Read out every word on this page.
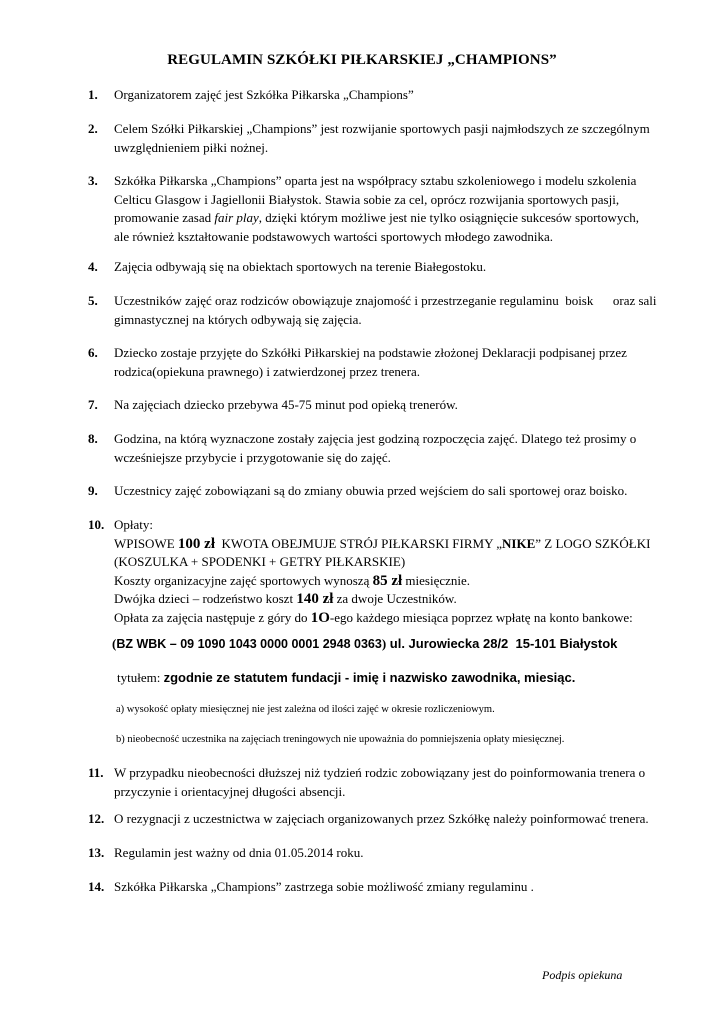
REGULAMIN SZKÓŁKI PIŁKARSKIEJ „CHAMPIONS”
1. Organizatorem zajęć jest Szkółka Piłkarska „Champions”
2. Celem Szółki Piłkarskiej „Champions” jest rozwijanie sportowych pasji najmłodszych ze szczególnym
uwzględnieniem piłki nożnej.
3. Szkółka Piłkarska „Champions” oparta jest na współpracy sztabu szkoleniowego i modelu szkolenia
Celticu Glasgow i Jagiellonii Białystok. Stawia sobie za cel, oprócz rozwijania sportowych pasji,
promowanie zasad fair play, dzięki którym możliwe jest nie tylko osiągnięcie sukcesów sportowych,
ale również kształtowanie podstawowych wartości sportowych młodego zawodnika.
4. Zajęcia odbywają się na obiektach sportowych na terenie Białegostoku.
5. Uczestników zajęć oraz rodziców obowiązuje znajomość i przestrzeganie regulaminu  boisk      oraz sali
gimnastycznej na których odbywają się zajęcia.
6. Dziecko zostaje przyjęte do Szkółki Piłkarskiej na podstawie złożonej Deklaracji podpisanej przez
rodzica(opiekuna prawnego) i zatwierdzonej przez trenera.
7. Na zajęciach dziecko przebywa 45-75 minut pod opieką trenerów.
8. Godzina, na którą wyznaczone zostały zajęcia jest godziną rozpoczęcia zajęć. Dlatego też prosimy o
wcześniejsze przybycie i przygotowanie się do zajęć.
9. Uczestnicy zajęć zobowiązani są do zmiany obuwia przed wejściem do sali sportowej oraz boisko.
10. Opłaty:
WPISOWE 100 zł  KWOTA OBEJMUJE STRÓJ PIŁKARSKI FIRMY „NIKE” Z LOGO SZKÓŁKI
(KOSZULKA + SPODENKI + GETRY PIŁKARSKIE)
Koszty organizacyjne zajęć sportowych wynoszą 85 zł miesięcznie.
Dwójka dzieci – rodzeństwo koszt 140 zł za dwoje Uczestników.
Opłata za zajęcia następuje z góry do 1O-ego każdego miesiąca poprzez wpłatę na konto bankowe:
(BZ WBK – 09 1090 1043 0000 0001 2948 0363) ul. Jurowiecka 28/2  15-101 Białystok
tytułem: zgodnie ze statutem fundacji - imię i nazwisko zawodnika, miesiąc.
a) wysokość opłaty miesięcznej nie jest zależna od ilości zajęć w okresie rozliczeniowym.
b) nieobecność uczestnika na zajęciach treningowych nie upoważnia do pomniejszenia opłaty miesięcznej.
11. W przypadku nieobecności dłuższej niż tydzień rodzic zobowiązany jest do poinformowania trenera o
przyczynie i orientacyjnej długości absencji.
12. O rezygnacji z uczestnictwa w zajęciach organizowanych przez Szkółkę należy poinformować trenera.
13. Regulamin jest ważny od dnia 01.05.2014 roku.
14. Szkółka Piłkarska „Champions” zastrzega sobie możliwość zmiany regulaminu .
Podpis opiekuna
